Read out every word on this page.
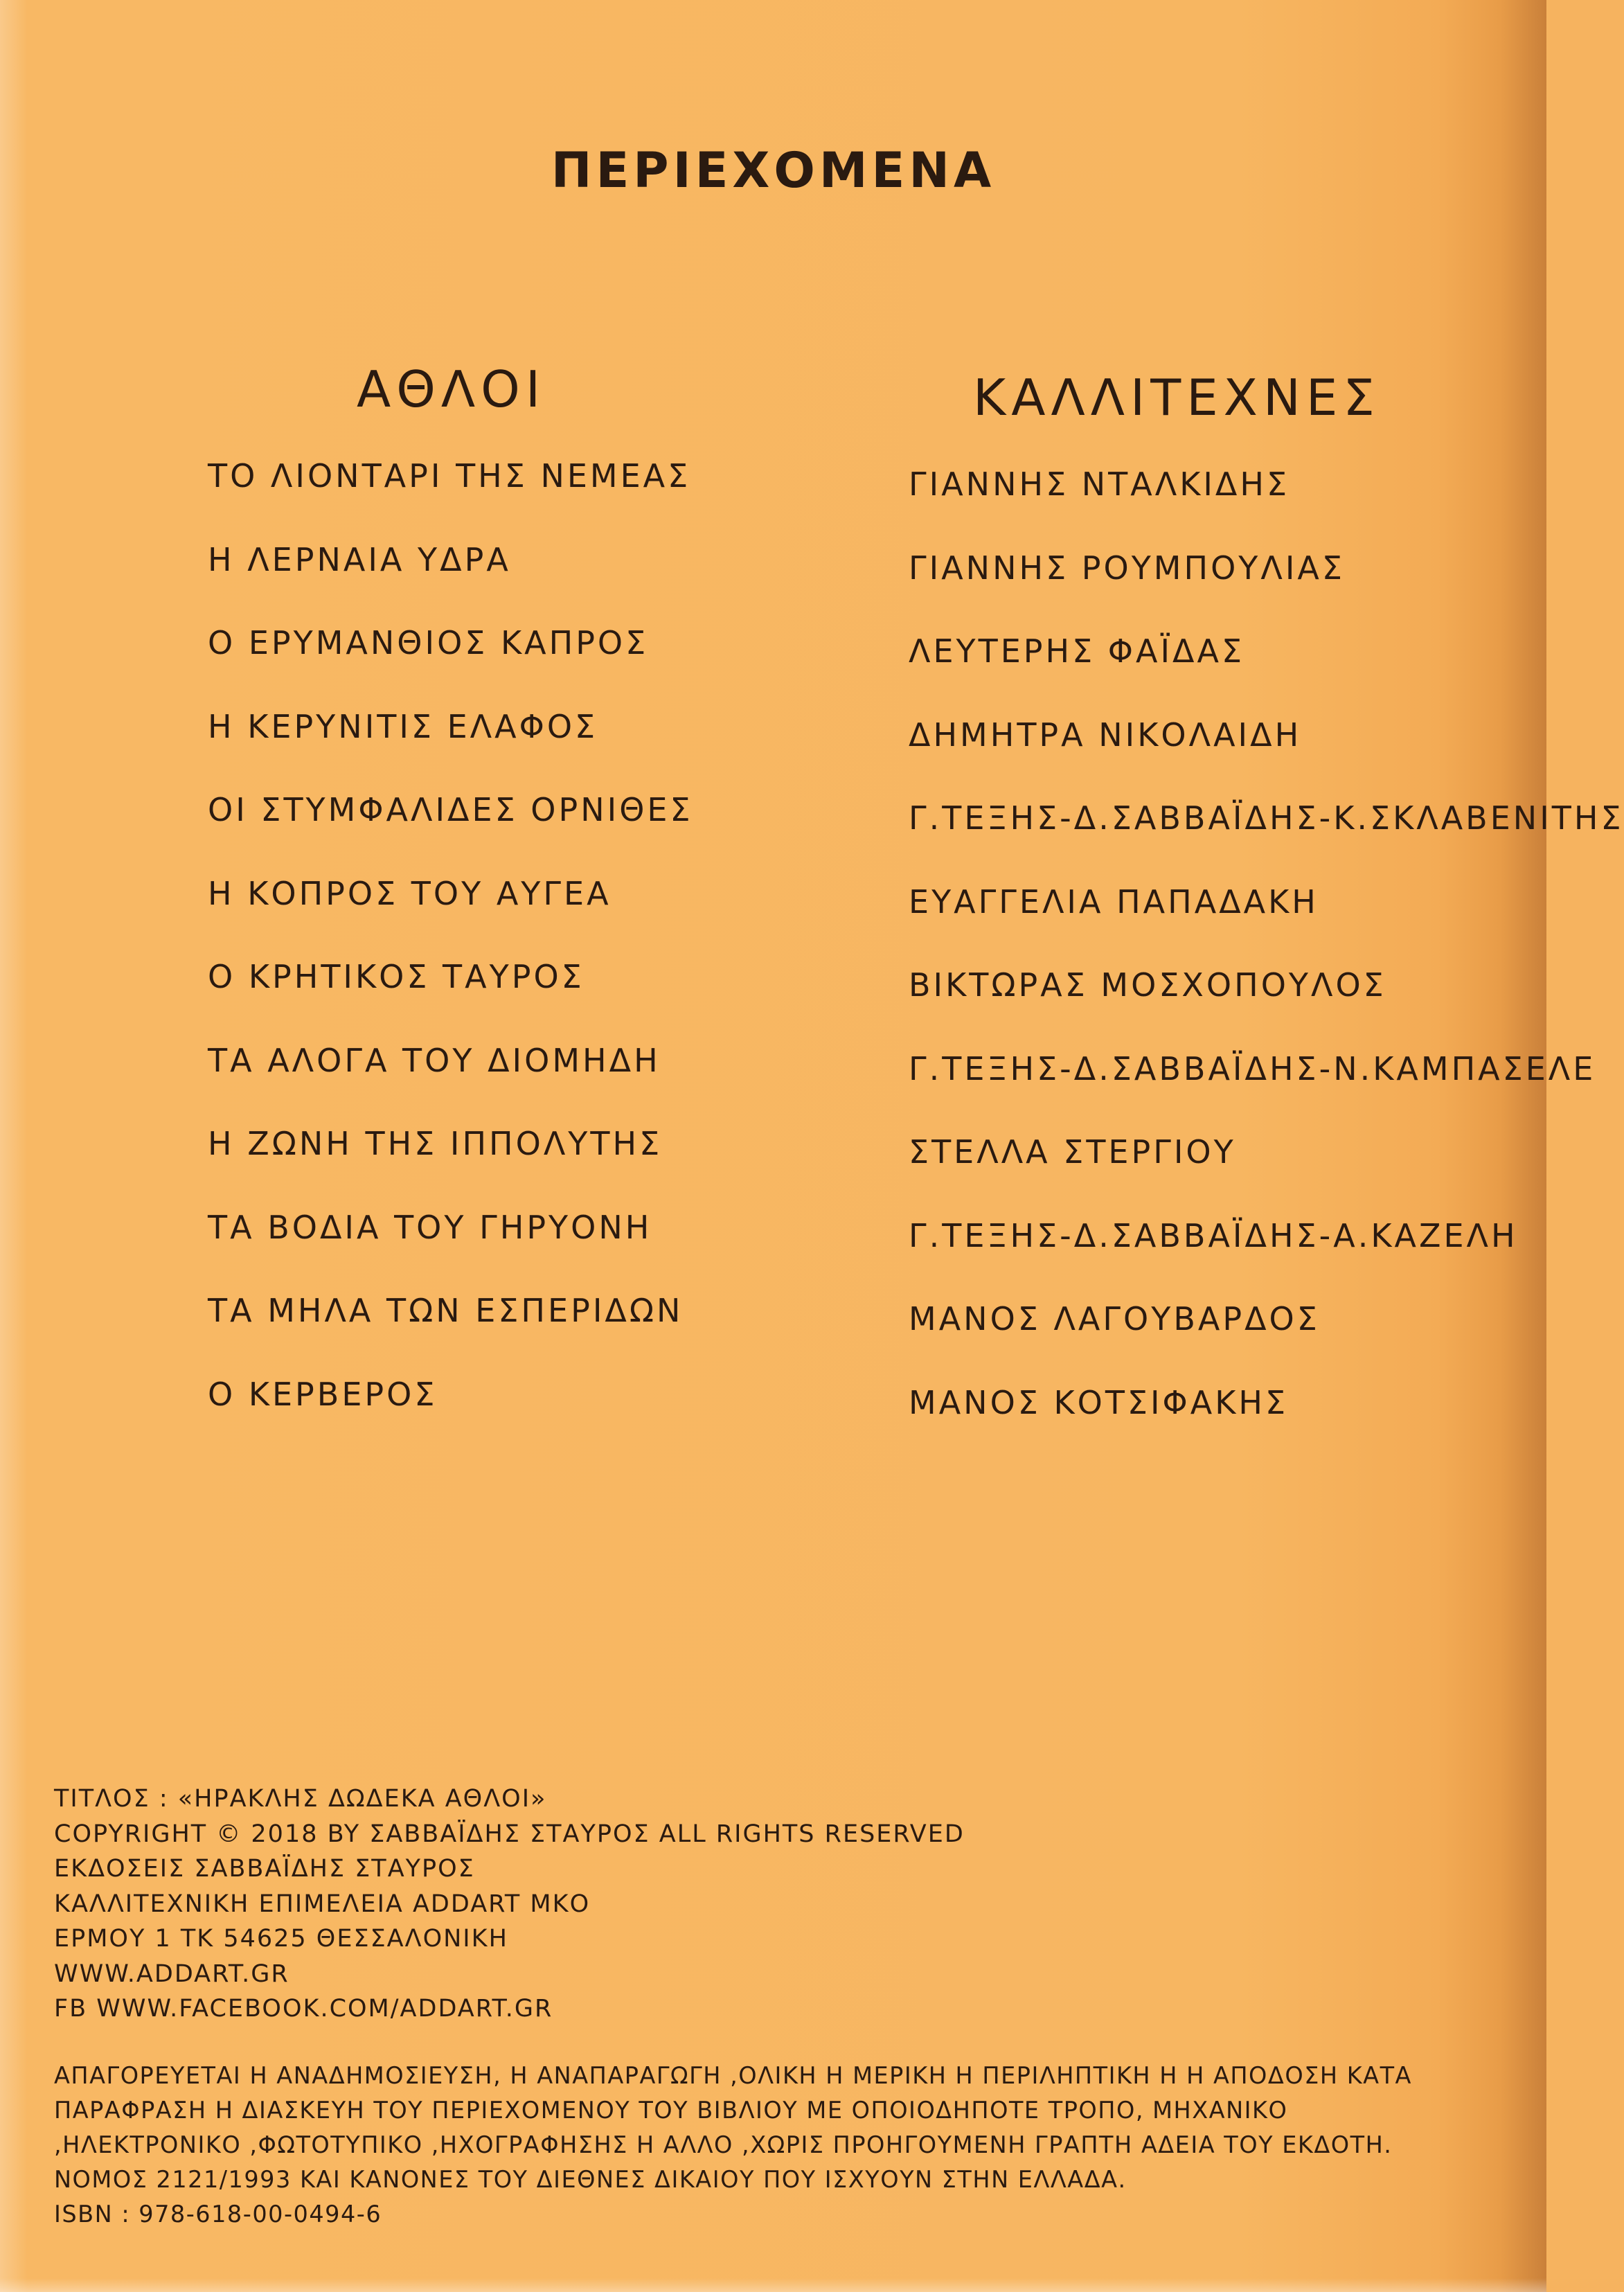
ΠΕΡΙΕΧΟΜΕΝΑ
ΑΘΛΟΙ	ΚΑΛΛΙΤΕΧΝΕΣ
ΤΟ ΛΙΟΝΤΑΡΙ ΤΗΣ ΝΕΜΕΑΣ
Η ΛΕΡΝΑΙΑ ΥΔΡΑ
Ο ΕΡΥΜΑΝΘΙΟΣ ΚΑΠΡΟΣ
Η ΚΕΡΥΝΙΤΙΣ ΕΛΑΦΟΣ
ΟΙ ΣΤΥΜΦΑΛΙΔΕΣ ΟΡΝΙΘΕΣ
Η ΚΟΠΡΟΣ ΤΟΥ ΑΥΓΕΑ
Ο ΚΡΗΤΙΚΟΣ ΤΑΥΡΟΣ
ΤΑ ΑΛΟΓΑ ΤΟΥ ΔΙΟΜΗΔΗ
Η ΖΩΝΗ ΤΗΣ ΙΠΠΟΛΥΤΗΣ
ΤΑ ΒΟΔΙΑ ΤΟΥ ΓΗΡΥΟΝΗ
ΤΑ ΜΗΛΑ ΤΩΝ ΕΣΠΕΡΙΔΩΝ
Ο ΚΕΡΒΕΡΟΣ
ΓΙΑΝΝΗΣ ΝΤΑΛΚΙΔΗΣ
ΓΙΑΝΝΗΣ ΡΟΥΜΠΟΥΛΙΑΣ
ΛΕΥΤΕΡΗΣ ΦΑΪΔΑΣ
ΔΗΜΗΤΡΑ ΝΙΚΟΛΑΙΔΗ
Γ.ΤΕΞΗΣ-Δ.ΣΑΒΒΑΪΔΗΣ-Κ.ΣΚΛΑΒΕΝΙΤΗΣ
ΕΥΑΓΓΕΛΙΑ ΠΑΠΑΔΑΚΗ
ΒΙΚΤΩΡΑΣ ΜΟΣΧΟΠΟΥΛΟΣ
Γ.ΤΕΞΗΣ-Δ.ΣΑΒΒΑΪΔΗΣ-Ν.ΚΑΜΠΑΣΕΛΕ
ΣΤΕΛΛΑ ΣΤΕΡΓΙΟΥ
Γ.ΤΕΞΗΣ-Δ.ΣΑΒΒΑΪΔΗΣ-Α.ΚΑΖΕΛΗ
ΜΑΝΟΣ ΛΑΓΟΥΒΑΡΔΟΣ
ΜΑΝΟΣ ΚΟΤΣΙΦΑΚΗΣ
ΤΙΤΛΟΣ : «ΗΡΑΚΛΗΣ ΔΩΔΕΚΑ ΑΘΛΟΙ»
COPYRIGHT © 2018 BY ΣΑΒΒΑΪΔΗΣ ΣΤΑΥΡΟΣ ALL RIGHTS RESERVED
ΕΚΔΟΣΕΙΣ ΣΑΒΒΑΪΔΗΣ ΣΤΑΥΡΟΣ
ΚΑΛΛΙΤΕΧΝΙΚΗ ΕΠΙΜΕΛΕΙΑ ADDART ΜΚΟ
ΕΡΜΟΥ 1 ΤΚ 54625 ΘΕΣΣΑΛΟΝΙΚΗ
WWW.ADDART.GR
FB WWW.FACEBOOK.COM/ADDART.GR
ΑΠΑΓΟΡΕΥΕΤΑΙ Η ΑΝΑΔΗΜΟΣΙΕΥΣΗ, Η ΑΝΑΠΑΡΑΓΩΓΗ ,ΟΛΙΚΗ Η ΜΕΡΙΚΗ Η ΠΕΡΙΛΗΠΤΙΚΗ Η Η ΑΠΟΔΟΣΗ ΚΑΤΑ
ΠΑΡΑΦΡΑΣΗ Η ΔΙΑΣΚΕΥΗ ΤΟΥ ΠΕΡΙΕΧΟΜΕΝΟΥ ΤΟΥ ΒΙΒΛΙΟΥ ΜΕ ΟΠΟΙΟΔΗΠΟΤΕ ΤΡΟΠΟ, ΜΗΧΑΝΙΚΟ
,ΗΛΕΚΤΡΟΝΙΚΟ ,ΦΩΤΟΤΥΠΙΚΟ ,ΗΧΟΓΡΑΦΗΣΗΣ Η ΑΛΛΟ ,ΧΩΡΙΣ ΠΡΟΗΓΟΥΜΕΝΗ ΓΡΑΠΤΗ ΑΔΕΙΑ ΤΟΥ ΕΚΔΟΤΗ.
ΝΟΜΟΣ 2121/1993 ΚΑΙ ΚΑΝΟΝΕΣ ΤΟΥ ΔΙΕΘΝΕΣ ΔΙΚΑΙΟΥ ΠΟΥ ΙΣΧΥΟΥΝ ΣΤΗΝ ΕΛΛΑΔΑ.
ISBN : 978-618-00-0494-6
